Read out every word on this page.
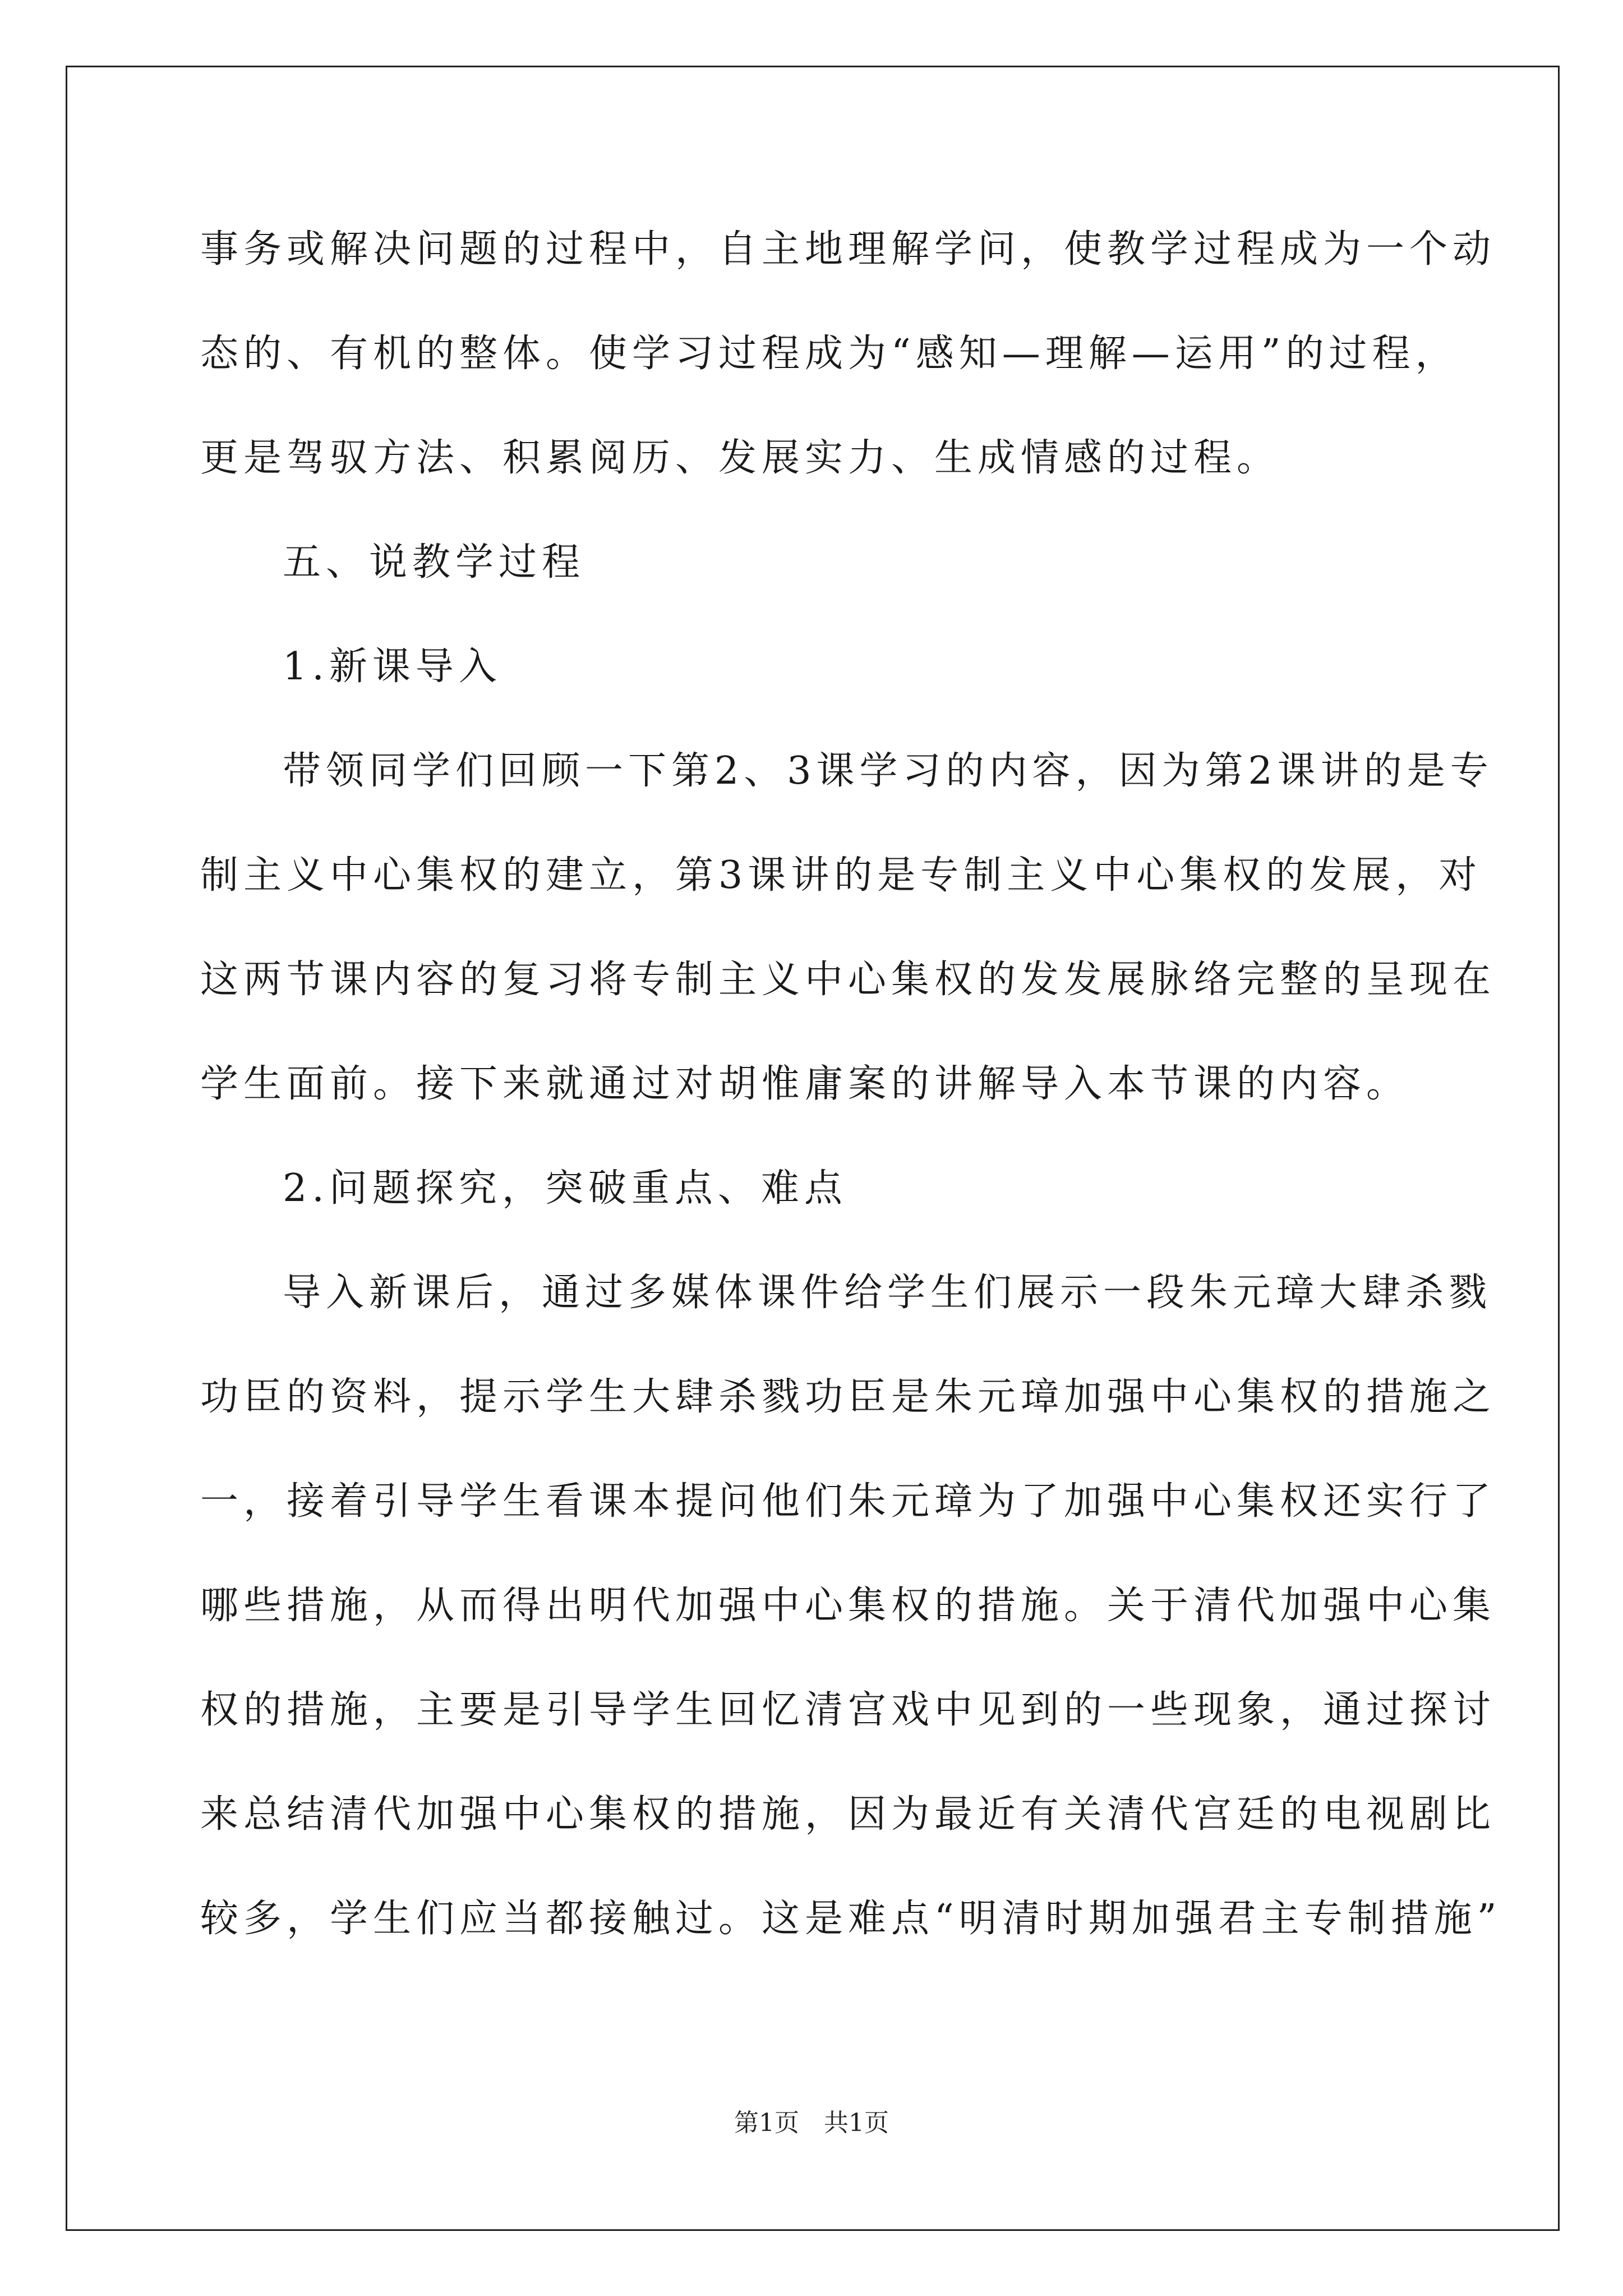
事务或解决问题的过程中，自主地理解学问，使教学过程成为一个动
态的、有机的整体。使学习过程成为“感知—理解—运用”的过程，
更是驾驭方法、积累阅历、发展实力、生成情感的过程。
五、说教学过程
1.新课导入
带领同学们回顾一下第2、3课学习的内容，因为第2课讲的是专
制主义中心集权的建立，第3课讲的是专制主义中心集权的发展，对
这两节课内容的复习将专制主义中心集权的发发展脉络完整的呈现在
学生面前。接下来就通过对胡惟庸案的讲解导入本节课的内容。
2.问题探究，突破重点、难点
导入新课后，通过多媒体课件给学生们展示一段朱元璋大肆杀戮
功臣的资料，提示学生大肆杀戮功臣是朱元璋加强中心集权的措施之
一，接着引导学生看课本提问他们朱元璋为了加强中心集权还实行了
哪些措施，从而得出明代加强中心集权的措施。关于清代加强中心集
权的措施，主要是引导学生回忆清宫戏中见到的一些现象，通过探讨
来总结清代加强中心集权的措施，因为最近有关清代宫廷的电视剧比
较多，学生们应当都接触过。这是难点“明清时期加强君主专制措施”
第1页　共1页
